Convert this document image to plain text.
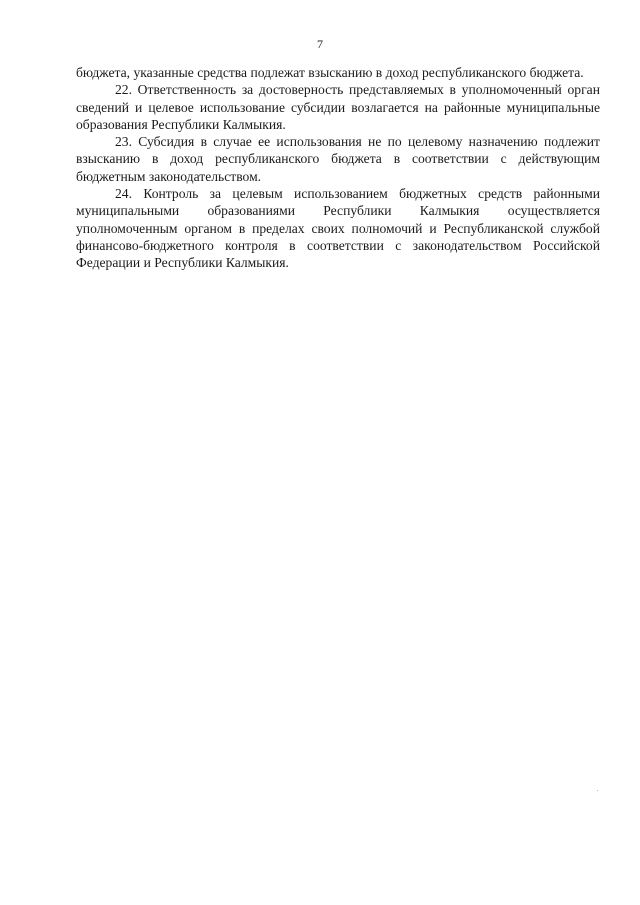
7

бюджета, указанные средства подлежат взысканию в доход республиканского бюджета.

22. Ответственность за достоверность представляемых в уполномоченный орган сведений и целевое использование субсидии возлагается на районные муниципальные образования Республики Калмыкия.

23. Субсидия в случае ее использования не по целевому назначению подлежит взысканию в доход республиканского бюджета в соответствии с действующим бюджетным законодательством.

24. Контроль за целевым использованием бюджетных средств районными муниципальными образованиями Республики Калмыкия осуществляется уполномоченным органом в пределах своих полномочий и Республиканской службой финансово-бюджетного контроля в соответствии с законодательством Российской Федерации и Республики Калмыкия.
